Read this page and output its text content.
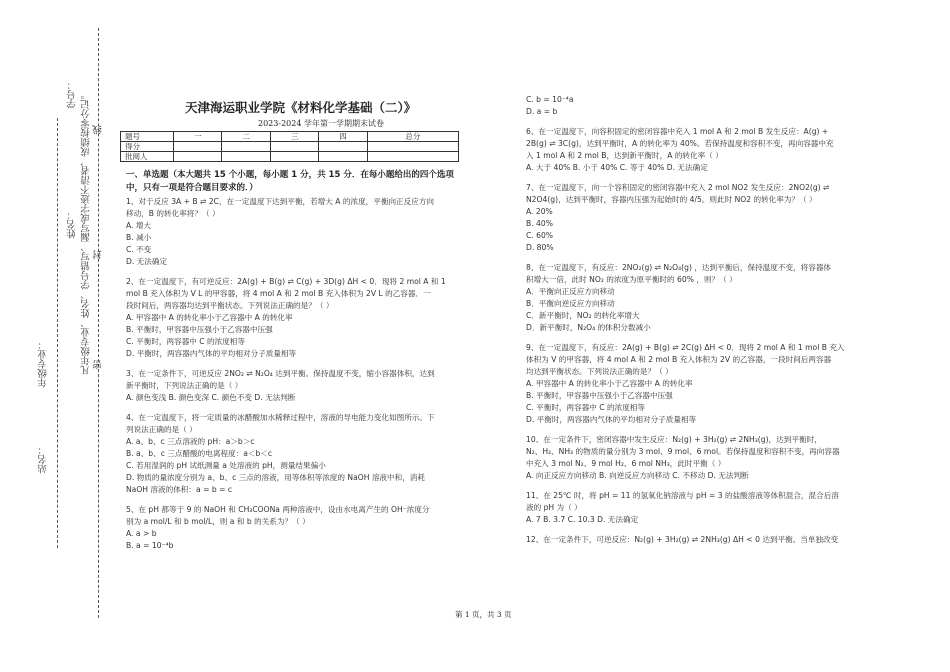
站名：
年级专业：
姓名：
学号： 凡年级专业、姓名、学号错写、漏写或字迹不清者，成绩按零分记。 密
封
线
天津海运职业学院《材料化学基础（二）》
2023-2024 学年第一学期期末试卷
题号	一	二	三	四	总分
得分					
批阅人					
一、单选题（本大题共 15 个小题，每小题 1 分，共 15 分．在每小题给出的四个选项中，只有一项是符合题目要求的．）

1、对于反应 3A + B ⇌ 2C，在一定温度下达到平衡，若增大 A 的浓度，平衡向正反应方向

移动，B 的转化率将？（ ）

A. 增大

B. 减小

C. 不变

D. 无法确定

2、在一定温度下，有可逆反应：2A(g) + B(g) ⇌ C(g) + 3D(g) ΔH < 0．现将 2 mol A 和 1

mol B 充入体积为 V L 的甲容器，将 4 mol A 和 2 mol B 充入体积为 2V L 的乙容器．一

段时间后，两容器均达到平衡状态。下列说法正确的是？（ ）

A. 甲容器中 A 的转化率小于乙容器中 A 的转化率

B. 平衡时，甲容器中压强小于乙容器中压强

C. 平衡时，两容器中 C 的浓度相等

D. 平衡时，两容器内气体的平均相对分子质量相等

3、在一定条件下，可逆反应 2NO₂ ⇌ N₂O₄ 达到平衡。保持温度不变，缩小容器体积，达到

新平衡时，下列说法正确的是（ ）

A. 颜色变浅 B. 颜色变深 C. 颜色不变 D. 无法判断

4、在一定温度下，将一定质量的冰醋酸加水稀释过程中，溶液的导电能力变化如图所示。下

列说法正确的是（ ）

A. a、b、c 三点溶液的 pH：a＞b＞c

B. a、b、c 三点醋酸的电离程度：a＜b＜c

C. 若用湿润的 pH 试纸测量 a 处溶液的 pH，测量结果偏小

D. 物质的量浓度分别为 a、b、c 三点的溶液，用等体积等浓度的 NaOH 溶液中和，消耗

NaOH 溶液的体积：a = b = c

5、在 pH 都等于 9 的 NaOH 和 CH₃COONa 两种溶液中，设由水电离产生的 OH⁻浓度分

别为 a mol/L 和 b mol/L，则 a 和 b 的关系为？（ ）

A. a > b

B. a = 10⁻⁴b

C. b = 10⁻⁴a

D. a = b

6、在一定温度下，向容积固定的密闭容器中充入 1 mol A 和 2 mol B 发生反应：A(g) +

2B(g) ⇌ 3C(g)，达到平衡时，A 的转化率为 40%。若保持温度和容积不变，再向容器中充

入 1 mol A 和 2 mol B，达到新平衡时，A 的转化率（ ）

A. 大于 40% B. 小于 40% C. 等于 40% D. 无法确定

7、在一定温度下，向一个容积固定的密闭容器中充入 2 mol NO2 发生反应：2NO2(g) ⇌

N2O4(g)，达到平衡时，容器内压强为起始时的 4/5。则此时 NO2 的转化率为？（ ）

A. 20%

B. 40%

C. 60%

D. 80%

8、在一定温度下，有反应：2NO₂(g) ⇌ N₂O₄(g) ，达到平衡后，保持温度不变，将容器体

积增大一倍，此时 NO₂ 的浓度为原平衡时的 60% ，则？（ ）

A．平衡向正反应方向移动

B．平衡向逆反应方向移动

C．新平衡时，NO₂ 的转化率增大

D．新平衡时，N₂O₄ 的体积分数减小

9、在一定温度下，有反应：2A(g) + B(g) ⇌ 2C(g) ΔH < 0．现将 2 mol A 和 1 mol B 充入

体积为 V 的甲容器，将 4 mol A 和 2 mol B 充入体积为 2V 的乙容器，一段时间后两容器

均达到平衡状态。下列说法正确的是？（ ）

A. 甲容器中 A 的转化率小于乙容器中 A 的转化率

B. 平衡时，甲容器中压强小于乙容器中压强

C. 平衡时，两容器中 C 的浓度相等

D. 平衡时，两容器内气体的平均相对分子质量相等

10、在一定条件下，密闭容器中发生反应：N₂(g) + 3H₂(g) ⇌ 2NH₃(g)，达到平衡时，

N₂、H₂、NH₃ 的物质的量分别为 3 mol、9 mol、6 mol。若保持温度和容积不变，再向容器

中充入 3 mol N₂、9 mol H₂、6 mol NH₃，此时平衡（ ）

A. 向正反应方向移动 B. 向逆反应方向移动 C. 不移动 D. 无法判断

11、在 25℃ 时，将 pH = 11 的氢氧化钠溶液与 pH = 3 的盐酸溶液等体积混合，混合后溶

液的 pH 为（ ）

A. 7 B. 3.7 C. 10.3 D. 无法确定

12、在一定条件下，可逆反应：N₂(g) + 3H₂(g) ⇌ 2NH₃(g) ΔH < 0 达到平衡。当单独改变

第 1 页，共 3 页
